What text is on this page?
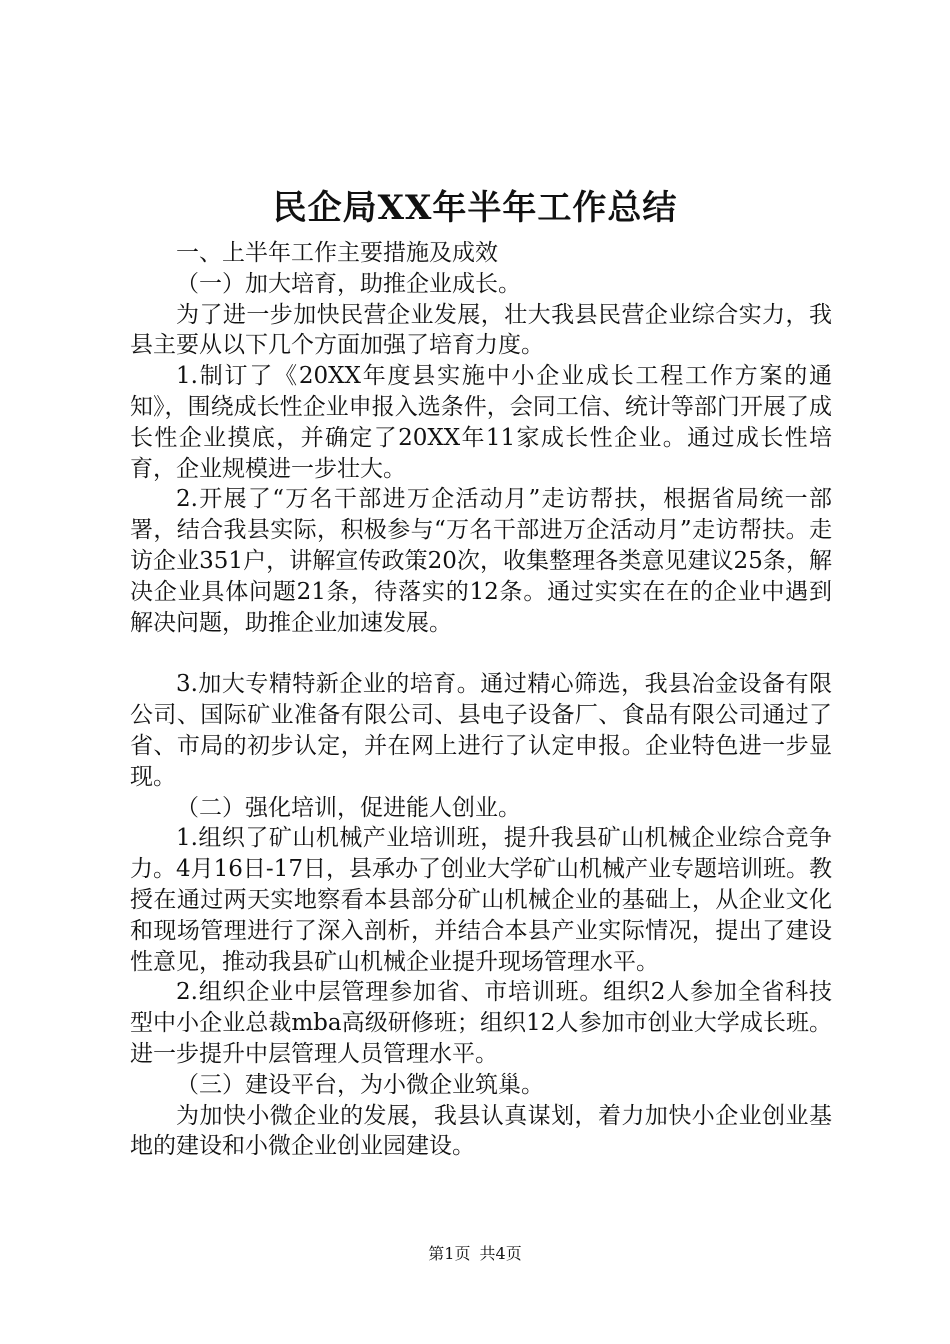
民企局XX年半年工作总结

一、上半年工作主要措施及成效

（一）加大培育，助推企业成长。

为了进一步加快民营企业发展，壮大我县民营企业综合实力，我县主要从以下几个方面加强了培育力度。

1.制订了《20XX年度县实施中小企业成长工程工作方案的通知》，围绕成长性企业申报入选条件，会同工信、统计等部门开展了成长性企业摸底，并确定了20XX年11家成长性企业。通过成长性培育，企业规模进一步壮大。

2.开展了“万名干部进万企活动月”走访帮扶，根据省局统一部署，结合我县实际，积极参与“万名干部进万企活动月”走访帮扶。走访企业351户，讲解宣传政策20次，收集整理各类意见建议25条，解决企业具体问题21条，待落实的12条。通过实实在在的企业中遇到解决问题，助推企业加速发展。

3.加大专精特新企业的培育。通过精心筛选，我县冶金设备有限公司、国际矿业准备有限公司、县电子设备厂、食品有限公司通过了省、市局的初步认定，并在网上进行了认定申报。企业特色进一步显现。

（二）强化培训，促进能人创业。

1.组织了矿山机械产业培训班，提升我县矿山机械企业综合竞争力。4月16日-17日，县承办了创业大学矿山机械产业专题培训班。教授在通过两天实地察看本县部分矿山机械企业的基础上，从企业文化和现场管理进行了深入剖析，并结合本县产业实际情况，提出了建设性意见，推动我县矿山机械企业提升现场管理水平。

2.组织企业中层管理参加省、市培训班。组织2人参加全省科技型中小企业总裁mba高级研修班；组织12人参加市创业大学成长班。进一步提升中层管理人员管理水平。

（三）建设平台，为小微企业筑巢。

为加快小微企业的发展，我县认真谋划，着力加快小企业创业基地的建设和小微企业创业园建设。

第1页 共4页
